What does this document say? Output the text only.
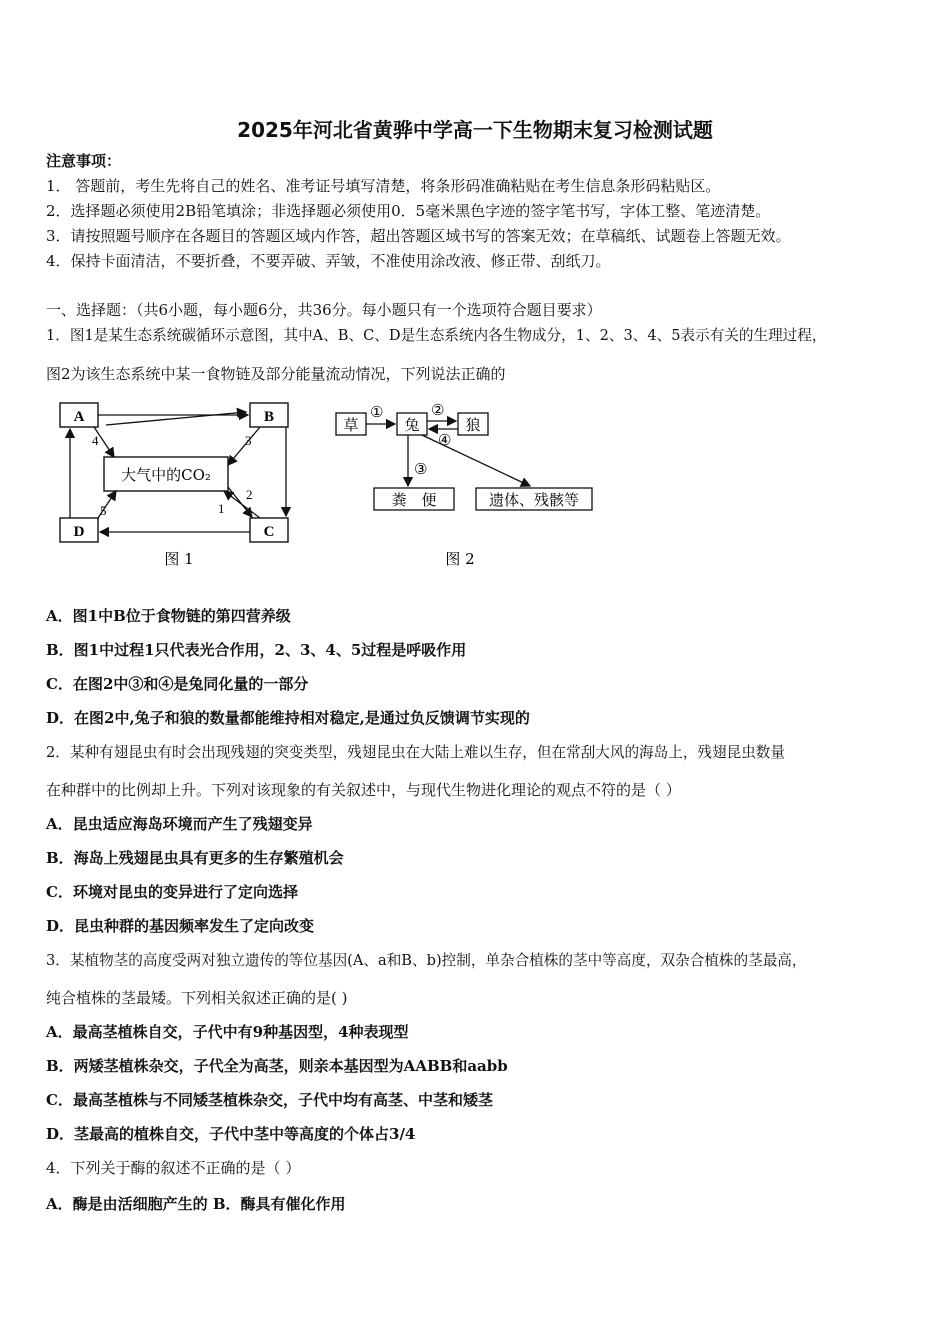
2025年河北省黄骅中学高一下生物期末复习检测试题
注意事项：
1． 答题前，考生先将自己的姓名、准考证号填写清楚，将条形码准确粘贴在考生信息条形码粘贴区。
2．选择题必须使用2B铅笔填涂；非选择题必须使用0．5毫米黑色字迹的签字笔书写，字体工整、笔迹清楚。
3．请按照题号顺序在各题目的答题区域内作答，超出答题区域书写的答案无效；在草稿纸、试题卷上答题无效。
4．保持卡面清洁，不要折叠，不要弄破、弄皱，不准使用涂改液、修正带、刮纸刀。
一、选择题：（共6小题，每小题6分，共36分。每小题只有一个选项符合题目要求）
1．图1是某生态系统碳循环示意图，其中A、B、C、D是生态系统内各生物成分，1、2、3、4、5表示有关的生理过程，
图2为该生态系统中某一食物链及部分能量流动情况，下列说法正确的
A	B
D	C
大气中的CO₂
4	3
2
1
5
图 1
草	兔	狼
粪　便	遗体、残骸等
①	②
④
③
图 2
A．图1中B位于食物链的第四营养级
B．图1中过程1只代表光合作用，2、3、4、5过程是呼吸作用
C．在图2中③和④是兔同化量的一部分
D．在图2中,兔子和狼的数量都能维持相对稳定,是通过负反馈调节实现的
2．某种有翅昆虫有时会出现残翅的突变类型，残翅昆虫在大陆上难以生存，但在常刮大风的海岛上，残翅昆虫数量
在种群中的比例却上升。下列对该现象的有关叙述中，与现代生物进化理论的观点不符的是（ ）
A．昆虫适应海岛环境而产生了残翅变异
B．海岛上残翅昆虫具有更多的生存繁殖机会
C．环境对昆虫的变异进行了定向选择
D．昆虫种群的基因频率发生了定向改变
3．某植物茎的高度受两对独立遗传的等位基因(A、a和B、b)控制，单杂合植株的茎中等高度，双杂合植株的茎最高，
纯合植株的茎最矮。下列相关叙述正确的是( )
A．最高茎植株自交，子代中有9种基因型，4种表现型
B．两矮茎植株杂交，子代全为高茎，则亲本基因型为AABB和aabb
C．最高茎植株与不同矮茎植株杂交，子代中均有高茎、中茎和矮茎
D．茎最高的植株自交，子代中茎中等高度的个体占3/4
4．下列关于酶的叙述不正确的是（ ）
A．酶是由活细胞产生的 B．酶具有催化作用
